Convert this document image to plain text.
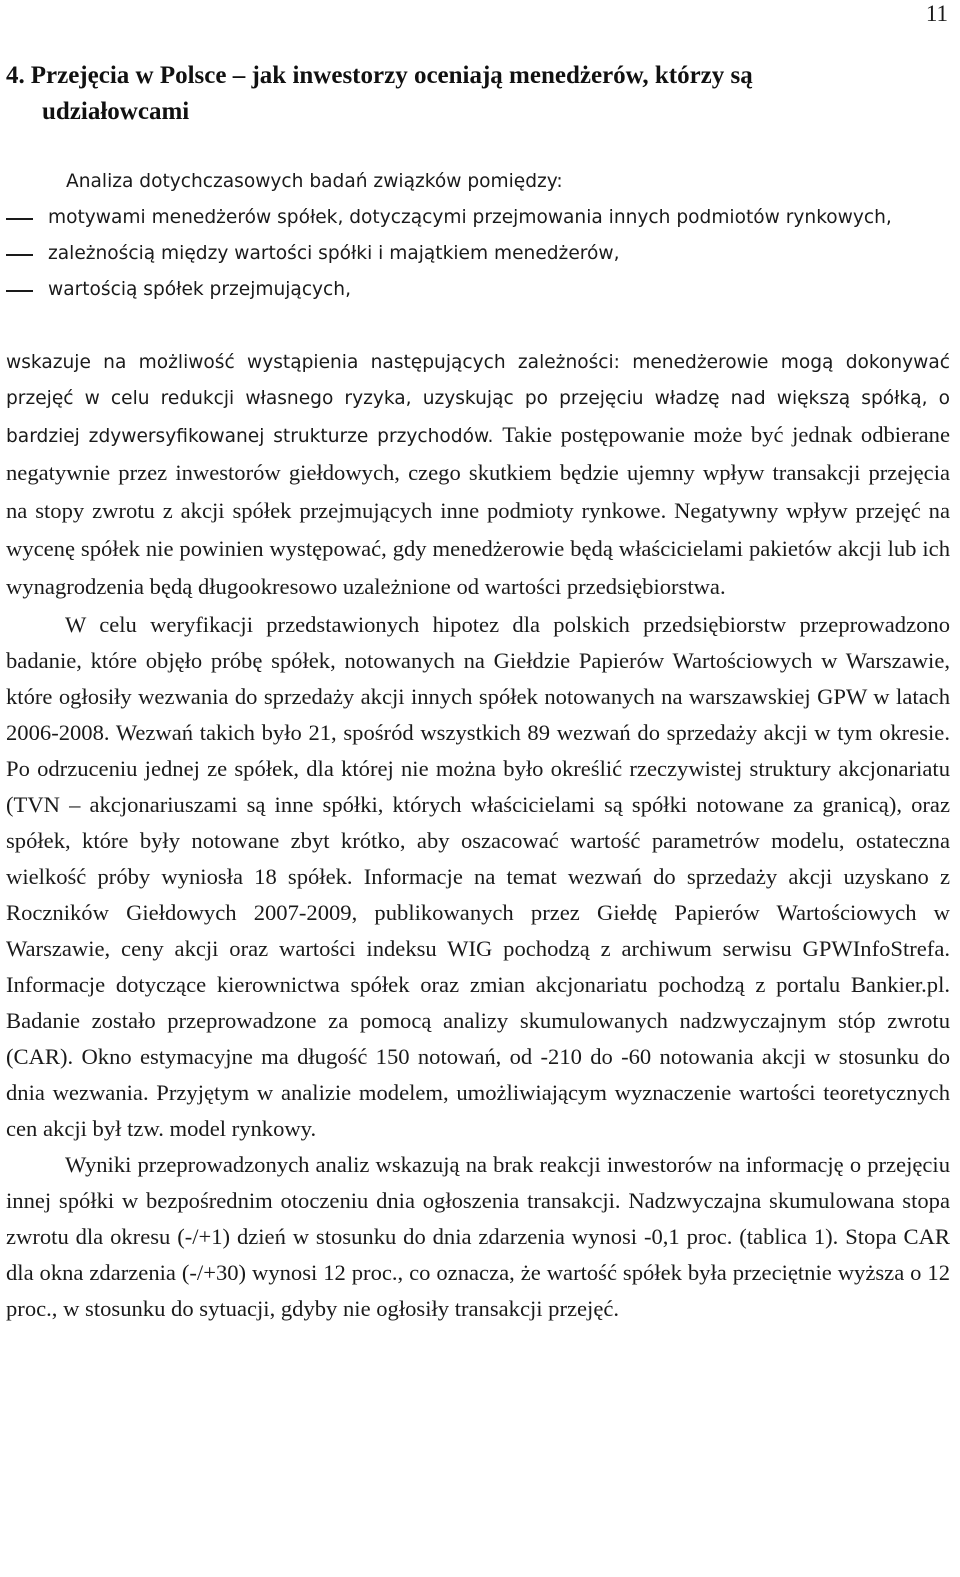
11
4. Przejęcia w Polsce – jak inwestorzy oceniają menedżerów, którzy są
udziałowcami
Analiza dotychczasowych badań związków pomiędzy:
motywami menedżerów spółek, dotyczącymi przejmowania innych podmiotów rynkowych,
zależnością między wartości spółki i majątkiem menedżerów,
wartością spółek przejmujących,

wskazuje na możliwość wystąpienia następujących zależności: menedżerowie mogą dokonywać przejęć w celu redukcji własnego ryzyka, uzyskując po przejęciu władzę nad większą spółką, o bardziej zdywersyfikowanej strukturze przychodów. Takie postępowanie może być jednak odbierane negatywnie przez inwestorów giełdowych, czego skutkiem będzie ujemny wpływ transakcji przejęcia na stopy zwrotu z akcji spółek przejmujących inne podmioty rynkowe. Negatywny wpływ przejęć na wycenę spółek nie powinien występować, gdy menedżerowie będą właścicielami pakietów akcji lub ich wynagrodzenia będą długookresowo uzależnione od wartości przedsiębiorstwa.

W celu weryfikacji przedstawionych hipotez dla polskich przedsiębiorstw przeprowadzono badanie, które objęło próbę spółek, notowanych na Giełdzie Papierów Wartościowych w Warszawie, które ogłosiły wezwania do sprzedaży akcji innych spółek notowanych na warszawskiej GPW w latach 2006-2008. Wezwań takich było 21, spośród wszystkich 89 wezwań do sprzedaży akcji w tym okresie. Po odrzuceniu jednej ze spółek, dla której nie można było określić rzeczywistej struktury akcjonariatu (TVN – akcjonariuszami są inne spółki, których właścicielami są spółki notowane za granicą), oraz spółek, które były notowane zbyt krótko, aby oszacować wartość parametrów modelu, ostateczna wielkość próby wyniosła 18 spółek. Informacje na temat wezwań do sprzedaży akcji uzyskano z Roczników Giełdowych 2007-2009, publikowanych przez Giełdę Papierów Wartościowych w Warszawie, ceny akcji oraz wartości indeksu WIG pochodzą z archiwum serwisu GPWInfoStrefa. Informacje dotyczące kierownictwa spółek oraz zmian akcjonariatu pochodzą z portalu Bankier.pl. Badanie zostało przeprowadzone za pomocą analizy skumulowanych nadzwyczajnym stóp zwrotu (CAR). Okno estymacyjne ma długość 150 notowań, od -210 do -60 notowania akcji w stosunku do dnia wezwania. Przyjętym w analizie modelem, umożliwiającym wyznaczenie wartości teoretycznych cen akcji był tzw. model rynkowy.

Wyniki przeprowadzonych analiz wskazują na brak reakcji inwestorów na informację o przejęciu innej spółki w bezpośrednim otoczeniu dnia ogłoszenia transakcji. Nadzwyczajna skumulowana stopa zwrotu dla okresu (-/+1) dzień w stosunku do dnia zdarzenia wynosi -0,1 proc. (tablica 1). Stopa CAR dla okna zdarzenia (-/+30) wynosi 12 proc., co oznacza, że wartość spółek była przeciętnie wyższa o 12 proc., w stosunku do sytuacji, gdyby nie ogłosiły transakcji przejęć.
